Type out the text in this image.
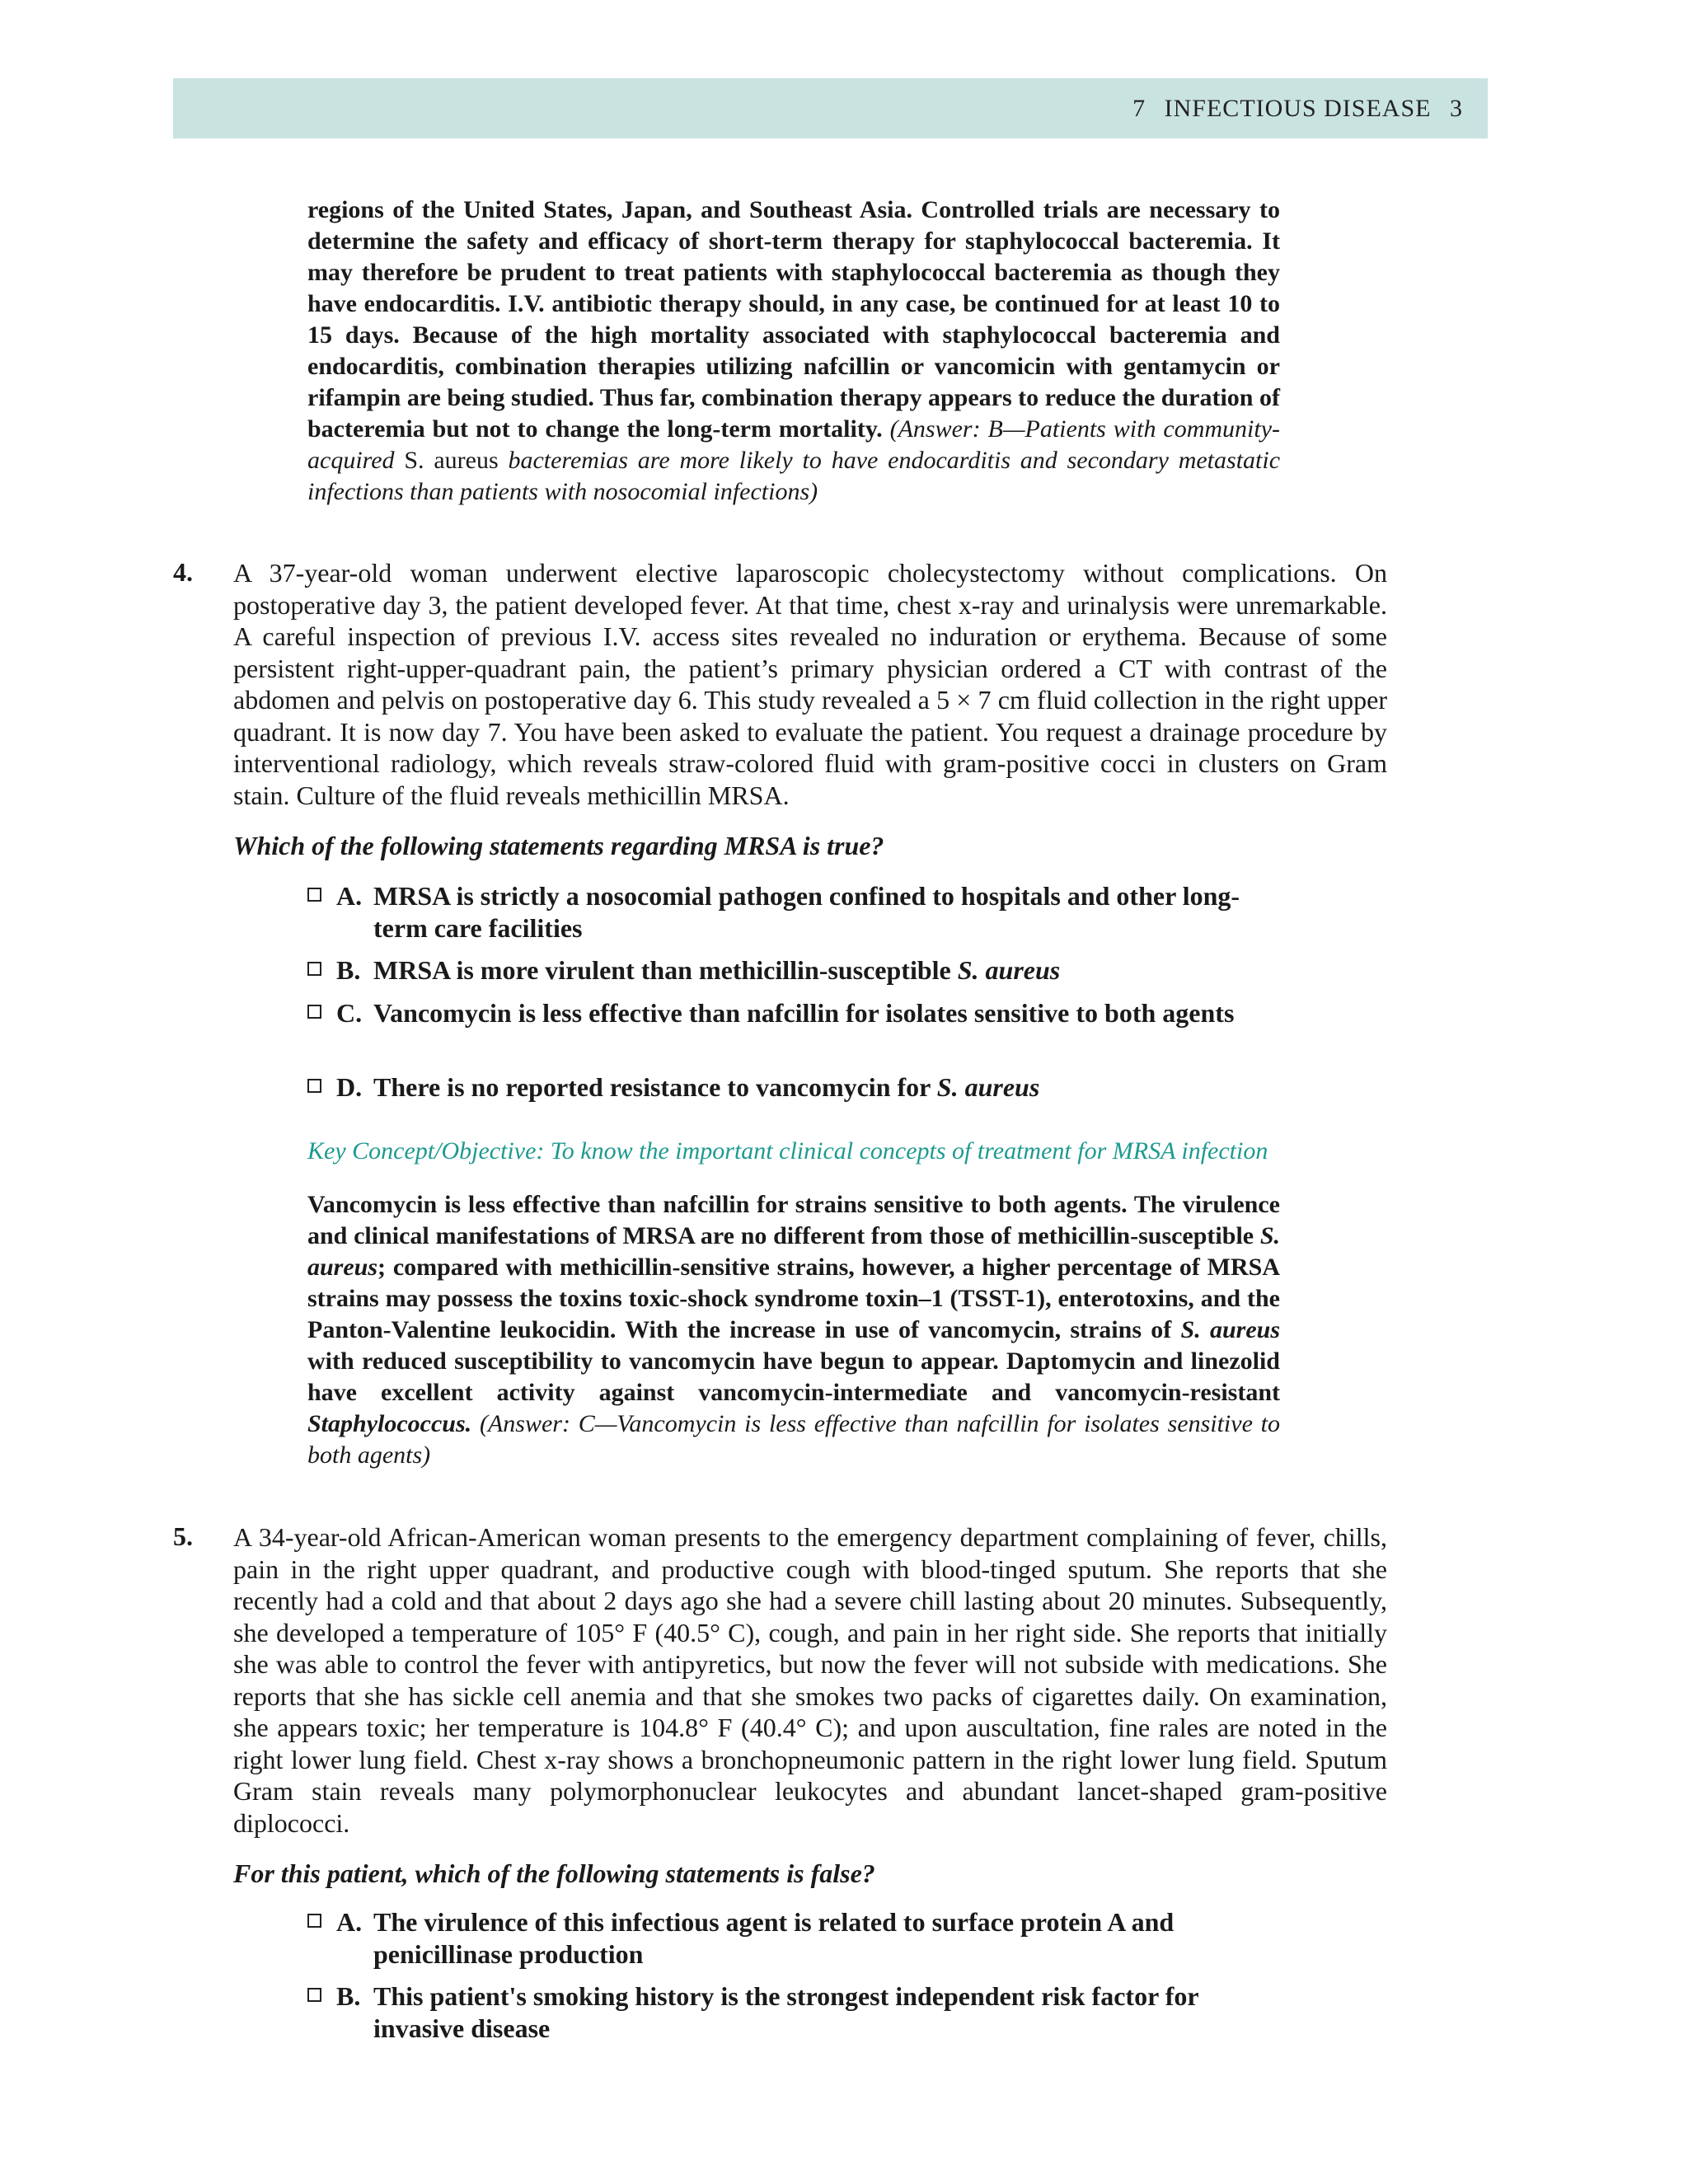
7 INFECTIOUS DISEASE 3
regions of the United States, Japan, and Southeast Asia. Controlled trials are necessary to determine the safety and efficacy of short-term therapy for staphylococcal bacteremia. It may therefore be prudent to treat patients with staphylococcal bacteremia as though they have endocarditis. I.V. antibiotic therapy should, in any case, be continued for at least 10 to 15 days. Because of the high mortality associated with staphylococcal bacteremia and endocarditis, combination therapies utilizing nafcillin or vancomicin with gentamycin or rifampin are being studied. Thus far, combination therapy appears to reduce the duration of bacteremia but not to change the long-term mortality. (Answer: B—Patients with community-acquired S. aureus bacteremias are more likely to have endocarditis and secondary metastatic infections than patients with nosocomial infections)
4. A 37-year-old woman underwent elective laparoscopic cholecystectomy without complications. On postoperative day 3, the patient developed fever. At that time, chest x-ray and urinalysis were unremarkable. A careful inspection of previous I.V. access sites revealed no induration or erythema. Because of some persistent right-upper-quadrant pain, the patient’s primary physician ordered a CT with contrast of the abdomen and pelvis on postoperative day 6. This study revealed a 5 × 7 cm fluid collection in the right upper quadrant. It is now day 7. You have been asked to evaluate the patient. You request a drainage procedure by interventional radiology, which reveals straw-colored fluid with gram-positive cocci in clusters on Gram stain. Culture of the fluid reveals methicillin MRSA.
Which of the following statements regarding MRSA is true?
A. MRSA is strictly a nosocomial pathogen confined to hospitals and other long-term care facilities
B. MRSA is more virulent than methicillin-susceptible S. aureus
C. Vancomycin is less effective than nafcillin for isolates sensitive to both agents
D. There is no reported resistance to vancomycin for S. aureus
Key Concept/Objective: To know the important clinical concepts of treatment for MRSA infection
Vancomycin is less effective than nafcillin for strains sensitive to both agents. The virulence and clinical manifestations of MRSA are no different from those of methicillin-susceptible S. aureus; compared with methicillin-sensitive strains, however, a higher percentage of MRSA strains may possess the toxins toxic-shock syndrome toxin–1 (TSST-1), enterotoxins, and the Panton-Valentine leukocidin. With the increase in use of vancomycin, strains of S. aureus with reduced susceptibility to vancomycin have begun to appear. Daptomycin and linezolid have excellent activity against vancomycin-intermediate and vancomycin-resistant Staphylococcus. (Answer: C—Vancomycin is less effective than nafcillin for isolates sensitive to both agents)
5. A 34-year-old African-American woman presents to the emergency department complaining of fever, chills, pain in the right upper quadrant, and productive cough with blood-tinged sputum. She reports that she recently had a cold and that about 2 days ago she had a severe chill lasting about 20 minutes. Subsequently, she developed a temperature of 105° F (40.5° C), cough, and pain in her right side. She reports that initially she was able to control the fever with antipyretics, but now the fever will not subside with medications. She reports that she has sickle cell anemia and that she smokes two packs of cigarettes daily. On examination, she appears toxic; her temperature is 104.8° F (40.4° C); and upon auscultation, fine rales are noted in the right lower lung field. Chest x-ray shows a bronchopneumonic pattern in the right lower lung field. Sputum Gram stain reveals many polymorphonuclear leukocytes and abundant lancet-shaped gram-positive diplococci.
For this patient, which of the following statements is false?
A. The virulence of this infectious agent is related to surface protein A and penicillinase production
B. This patient's smoking history is the strongest independent risk factor for invasive disease
